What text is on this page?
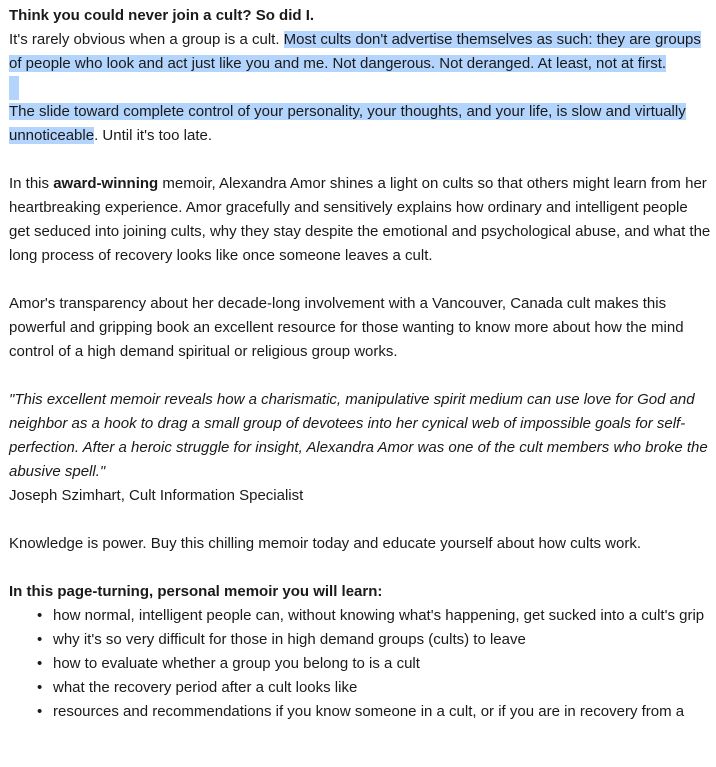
Think you could never join a cult? So did I.

It's rarely obvious when a group is a cult. Most cults don't advertise themselves as such: they are groups of people who look and act just like you and me. Not dangerous. Not deranged. At least, not at first.

The slide toward complete control of your personality, your thoughts, and your life, is slow and virtually unnoticeable. Until it's too late.

In this award-winning memoir, Alexandra Amor shines a light on cults so that others might learn from her heartbreaking experience. Amor gracefully and sensitively explains how ordinary and intelligent people get seduced into joining cults, why they stay despite the emotional and psychological abuse, and what the long process of recovery looks like once someone leaves a cult.

Amor's transparency about her decade-long involvement with a Vancouver, Canada cult makes this powerful and gripping book an excellent resource for those wanting to know more about how the mind control of a high demand spiritual or religious group works.

"This excellent memoir reveals how a charismatic, manipulative spirit medium can use love for God and neighbor as a hook to drag a small group of devotees into her cynical web of impossible goals for self-perfection. After a heroic struggle for insight, Alexandra Amor was one of the cult members who broke the abusive spell."
Joseph Szimhart, Cult Information Specialist

Knowledge is power. Buy this chilling memoir today and educate yourself about how cults work.

In this page-turning, personal memoir you will learn:

• how normal, intelligent people can, without knowing what's happening, get sucked into a cult's grip
• why it's so very difficult for those in high demand groups (cults) to leave
• how to evaluate whether a group you belong to is a cult
• what the recovery period after a cult looks like
• resources and recommendations if you know someone in a cult, or if you are in recovery from a
